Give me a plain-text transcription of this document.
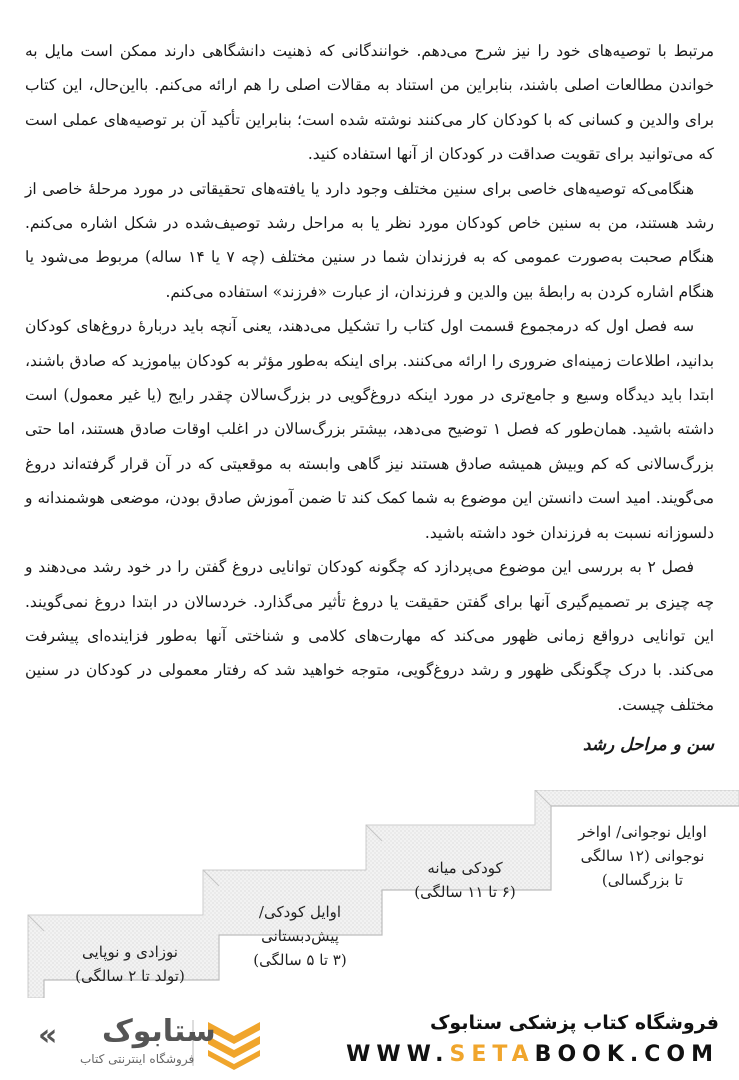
مرتبط با توصیه‌های خود را نیز شرح می‌دهم. خوانندگانی که ذهنیت دانشگاهی دارند ممکن است مایل به خواندن مطالعات اصلی باشند، بنابراین من استناد به مقالات اصلی را هم ارائه می‌کنم. بااین‌حال، این کتاب برای والدین و کسانی که با کودکان کار می‌کنند نوشته شده است؛ بنابراین تأکید آن بر توصیه‌های عملی است که می‌توانید برای تقویت صداقت در کودکان از آنها استفاده کنید.

هنگامی‌که توصیه‌های خاصی برای سنین مختلف وجود دارد یا یافته‌های تحقیقاتی در مورد مرحلهٔ خاصی از رشد هستند، من به سنین خاص کودکان مورد نظر یا به مراحل رشد توصیف‌شده در شکل اشاره می‌کنم. هنگام صحبت به‌صورت عمومی که به فرزندان شما در سنین مختلف (چه ۷ یا ۱۴ ساله) مربوط می‌شود یا هنگام اشاره کردن به رابطهٔ بین والدین و فرزندان، از عبارت «فرزند» استفاده می‌کنم.

سه فصل اول که درمجموع قسمت اول کتاب را تشکیل می‌دهند، یعنی آنچه باید دربارهٔ دروغ‌های کودکان بدانید، اطلاعات زمینه‌ای ضروری را ارائه می‌کنند. برای اینکه به‌طور مؤثر به کودکان بیاموزید که صادق باشند، ابتدا باید دیدگاه وسیع و جامع‌تری در مورد اینکه دروغ‌گویی در بزرگ‌سالان چقدر رایج (یا غیر معمول) است داشته باشید. همان‌طور که فصل ۱ توضیح می‌دهد، بیشتر بزرگ‌سالان در اغلب اوقات صادق هستند، اما حتی بزرگ‌سالانی که کم وبیش همیشه صادق هستند نیز گاهی وابسته به موقعیتی که در آن قرار گرفته‌اند دروغ می‌گویند. امید است دانستن این موضوع به شما کمک کند تا ضمن آموزش صادق بودن، موضعی هوشمندانه و دلسوزانه نسبت به فرزندان خود داشته باشید.

فصل ۲ به بررسی این موضوع می‌پردازد که چگونه کودکان توانایی دروغ گفتن را در خود رشد می‌دهند و چه چیزی بر تصمیم‌گیری آنها برای گفتن حقیقت یا دروغ تأثیر می‌گذارد. خردسالان در ابتدا دروغ نمی‌گویند. این توانایی درواقع زمانی ظهور می‌کند که مهارت‌های کلامی و شناختی آنها به‌طور فزاینده‌ای پیشرفت می‌کند. با درک چگونگی ظهور و رشد دروغ‌گویی، متوجه خواهید شد که رفتار معمولی در کودکان در سنین مختلف چیست.

سن و مراحل رشد
نوزادی و نوپایی
(تولد تا ۲ سالگی)
اوایل کودکی/
پیش‌دبستانی
(۳ تا ۵ سالگی)
کودکی میانه
(۶ تا ۱۱ سالگی)
اوایل نوجوانی/ اواخر
نوجوانی (۱۲ سالگی
تا بزرگسالی)
ستابوک
«
فروشگاه اینترنتی کتاب
فروشگاه کتاب پزشکی ستابوک
WWW.SETABOOK.COM
